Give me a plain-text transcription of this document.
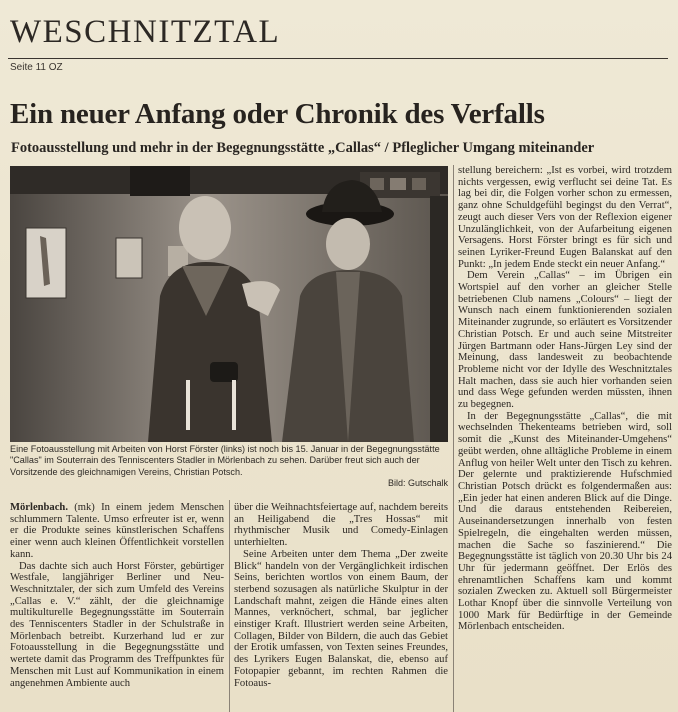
WESCHNITZTAL
Seite 11 OZ
Ein neuer Anfang oder Chronik des Verfalls
Fotoausstellung und mehr in der Begegnungsstätte „Callas“ / Pfleglicher Umgang miteinander
Eine Fotoausstellung mit Arbeiten von Horst Förster (links) ist noch bis 15. Januar in der Begegnungsstätte "Callas" im Souterrain des Tenniscenters Stadler in Mörlenbach zu sehen. Darüber freut sich auch der Vorsitzende des gleichnamigen Vereins, Christian Potsch.
Bild: Gutschalk

Mörlenbach. (mk) In einem jedem Menschen schlummern Talente. Umso erfreuter ist er, wenn er die Produkte seines künstlerischen Schaffens einer wenn auch kleinen Öffentlichkeit vorstellen kann.

Das dachte sich auch Horst Förster, gebürtiger Westfale, langjähriger Berliner und Neu-Weschnitztaler, der sich zum Umfeld des Vereins „Callas e. V.“ zählt, der die gleichnamige multikulturelle Begegnungsstätte im Souterrain des Tenniscenters Stadler in der Schulstraße in Mörlenbach betreibt. Kurzerhand lud er zur Fotoausstellung in die Begegnungsstätte und wertete damit das Programm des Treffpunktes für Menschen mit Lust auf Kommunikation in einem angenehmen Ambiente auch

über die Weihnachtsfeiertage auf, nachdem bereits an Heiligabend die „Tres Hossas“ mit rhythmischer Musik und Comedy-Einlagen unterhielten.

Seine Arbeiten unter dem Thema „Der zweite Blick“ handeln von der Vergänglichkeit irdischen Seins, berichten wortlos von einem Baum, der sterbend sozusagen als natürliche Skulptur in der Landschaft mahnt, zeigen die Hände eines alten Mannes, verknöchert, schmal, bar jeglicher einstiger Kraft. Illustriert werden seine Arbeiten, Collagen, Bilder von Bildern, die auch das Gebiet der Erotik umfassen, von Texten seines Freundes, des Lyrikers Eugen Balanskat, die, ebenso auf Fotopapier gebannt, im rechten Rahmen die Fotoaus-

stellung bereichern: „Ist es vorbei, wird trotzdem nichts vergessen, ewig verflucht sei deine Tat. Es lag bei dir, die Folgen vorher schon zu ermessen, ganz ohne Schuldgefühl begingst du den Verrat“, zeugt auch dieser Vers von der Reflexion eigener Unzulänglichkeit, von der Aufarbeitung eigenen Versagens. Horst Förster bringt es für sich und seinen Lyriker-Freund Eugen Balanskat auf den Punkt: „In jedem Ende steckt ein neuer Anfang.“

Dem Verein „Callas“ – im Übrigen ein Wortspiel auf den vorher an gleicher Stelle betriebenen Club namens „Colours“ – liegt der Wunsch nach einem funktionierenden sozialen Miteinander zugrunde, so erläutert es Vorsitzender Christian Potsch. Er und auch seine Mitstreiter Jürgen Bartmann oder Hans-Jürgen Ley sind der Meinung, dass landesweit zu beobachtende Probleme nicht vor der Idylle des Weschnitztales Halt machen, dass sie auch hier vorhanden seien und dass Wege gefunden werden müssten, ihnen zu begegnen.

In der Begegnungsstätte „Callas“, die mit wechselnden Thekenteams betrieben wird, soll somit die „Kunst des Miteinander-Umgehens“ geübt werden, ohne alltägliche Probleme in einem Anflug von heiler Welt unter den Tisch zu kehren. Der gelernte und praktizierende Hufschmied Christian Potsch drückt es folgendermaßen aus: „Ein jeder hat einen anderen Blick auf die Dinge. Und die daraus entstehenden Reibereien, Auseinandersetzungen innerhalb von festen Spielregeln, die eingehalten werden müssen, machen die Sache so faszinierend.“ Die Begegnungsstätte ist täglich von 20.30 Uhr bis 24 Uhr für jedermann geöffnet. Der Erlös des ehrenamtlichen Schaffens kam und kommt sozialen Zwecken zu. Aktuell soll Bürgermeister Lothar Knopf über die sinnvolle Verteilung von 1000 Mark für Bedürftige in der Gemeinde Mörlenbach entscheiden.
